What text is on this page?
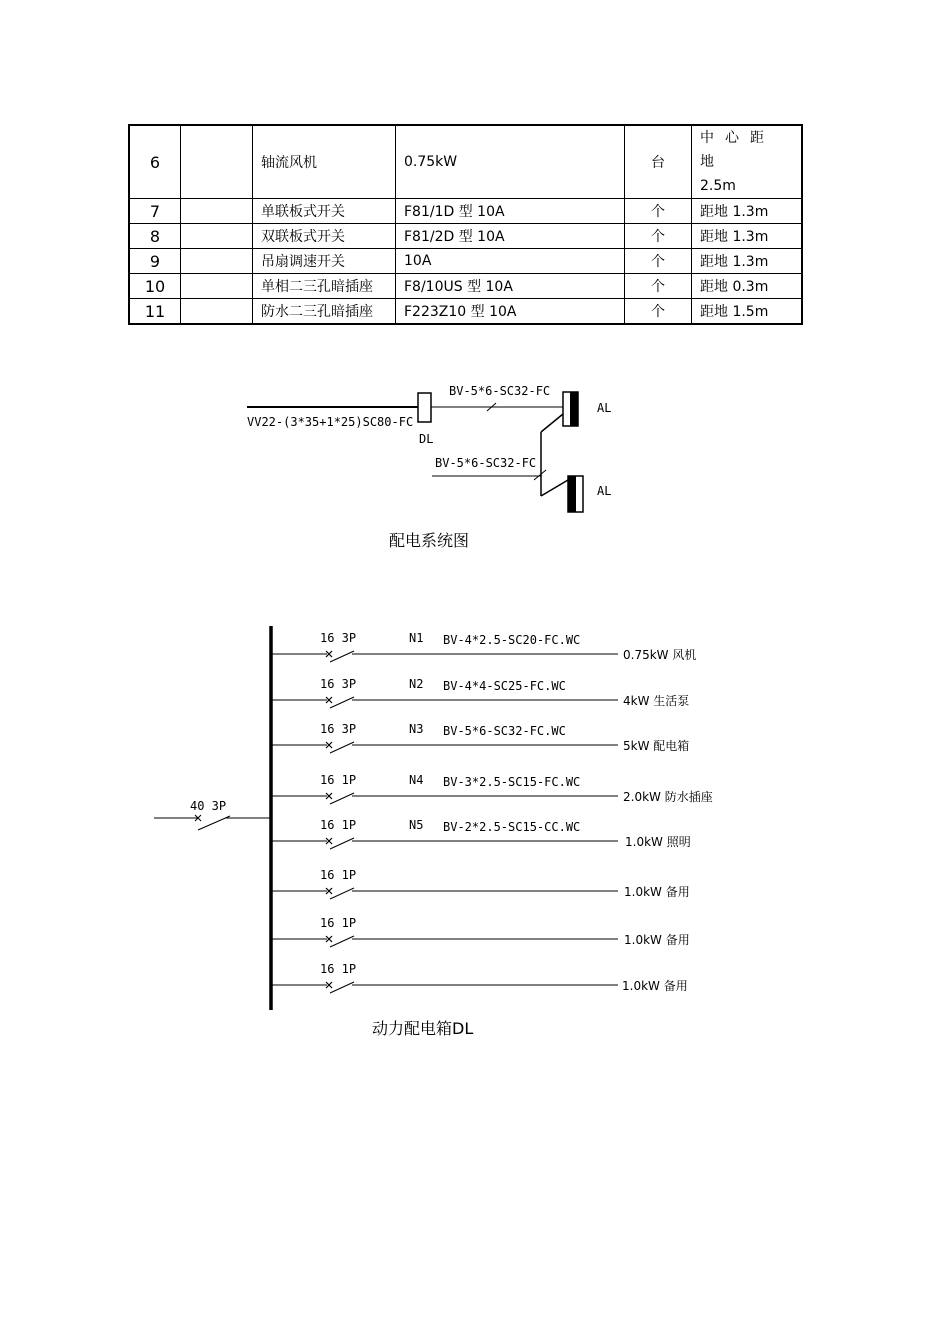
6		轴流风机	0.75kW	台	中心距地
2.5m

7		单联板式开关	F81/1D 型 10A	个	距地 1.3m
8		双联板式开关	F81/2D 型 10A	个	距地 1.3m
9		吊扇调速开关	10A	个	距地 1.3m
10		单相二三孔暗插座	F8/10US 型 10A	个	距地 0.3m
11		防水二三孔暗插座	F223Z10 型 10A	个	距地 1.5m
VV22-(3*35+1*25)SC80-FC
DL
BV-5*6-SC32-FC
BV-5*6-SC32-FC
AL
AL
配电系统图
40 3P
16 3P	N1 BV-4*2.5-SC20-FC.WC
0.75kW 风机
16 3P	N2 BV-4*4-SC25-FC.WC
4kW 生活泵
16 3P	N3 BV-5*6-SC32-FC.WC
5kW 配电箱
16 1P	N4 BV-3*2.5-SC15-FC.WC
2.0kW 防水插座
16 1P	N5 BV-2*2.5-SC15-CC.WC
1.0kW 照明
16 1P
1.0kW 备用
16 1P
1.0kW 备用
16 1P
1.0kW 备用
动力配电箱DL
